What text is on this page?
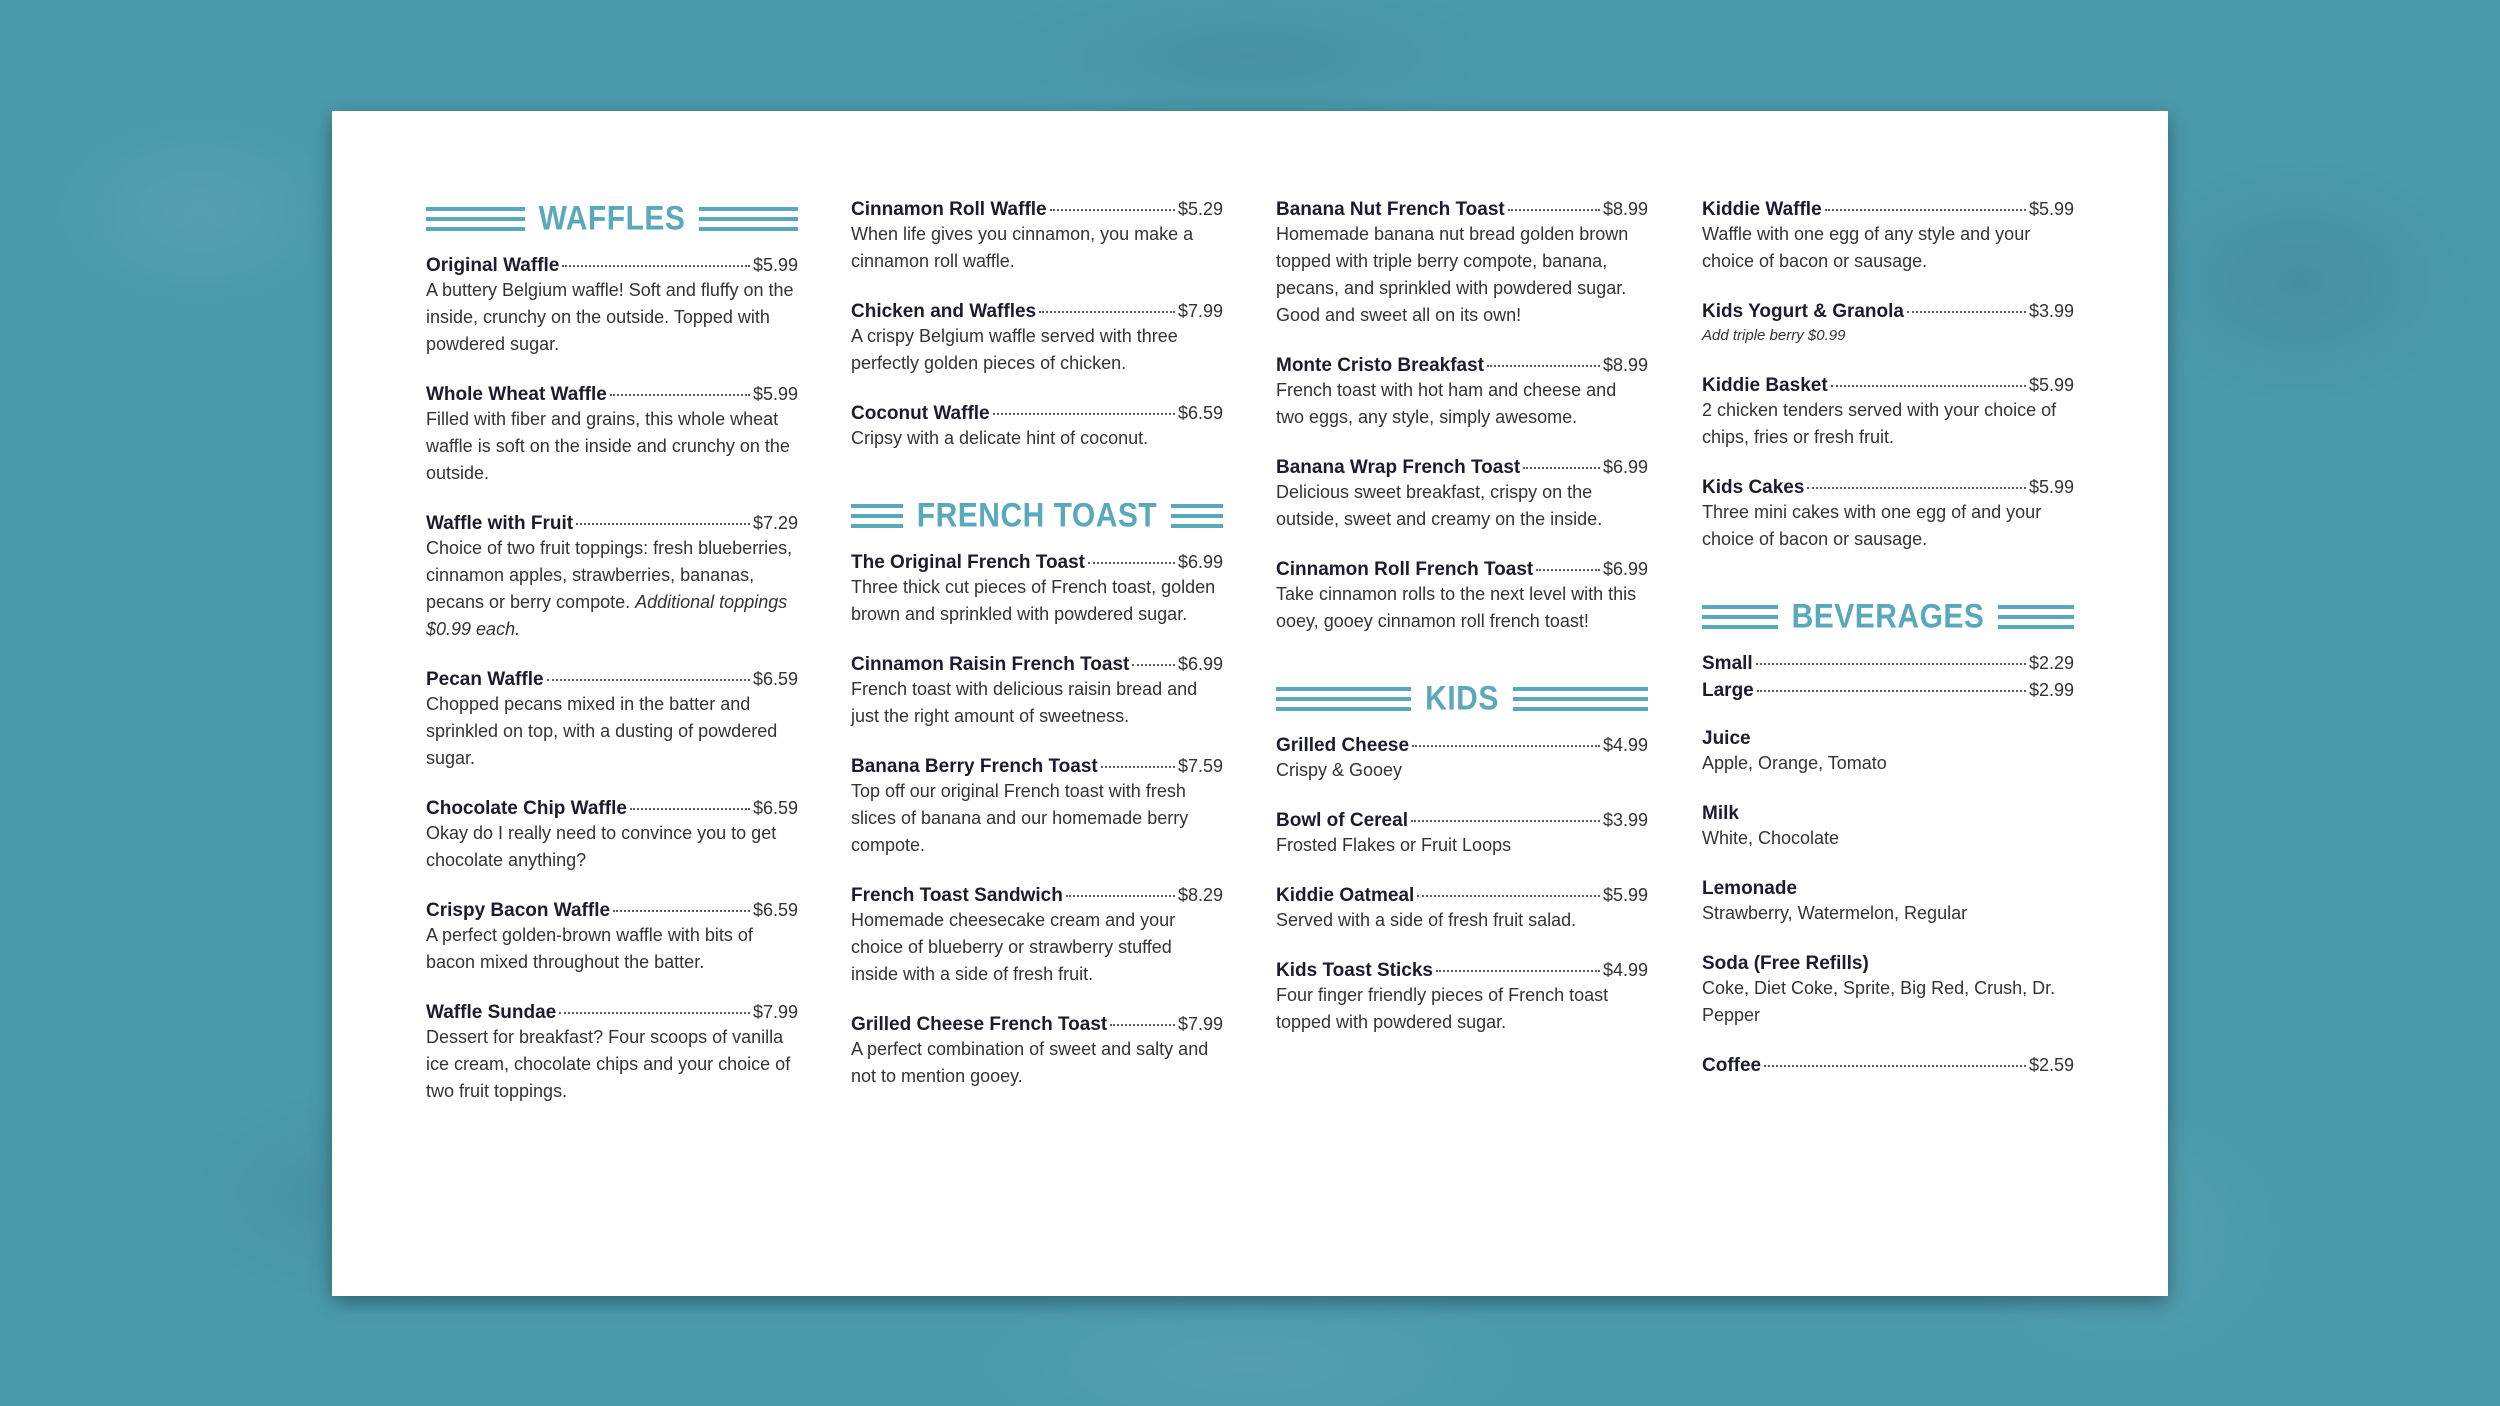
WAFFLES
Original Waffle	$5.99
A buttery Belgium waffle! Soft and fluffy on the inside, crunchy on the outside. Topped with powdered sugar.
Whole Wheat Waffle	$5.99
Filled with fiber and grains, this whole wheat waffle is soft on the inside and crunchy on the outside.
Waffle with Fruit	$7.29
Choice of two fruit toppings: fresh blueberries, cinnamon apples, strawberries, bananas, pecans or berry compote. Additional toppings $0.99 each.
Pecan Waffle	$6.59
Chopped pecans mixed in the batter and sprinkled on top, with a dusting of powdered sugar.
Chocolate Chip Waffle	$6.59
Okay do I really need to convince you to get chocolate anything?
Crispy Bacon Waffle	$6.59
A perfect golden-brown waffle with bits of bacon mixed throughout the batter.
Waffle Sundae	$7.99
Dessert for breakfast? Four scoops of vanilla ice cream, chocolate chips and your choice of two fruit toppings.
Cinnamon Roll Waffle	$5.29
When life gives you cinnamon, you make a cinnamon roll waffle.
Chicken and Waffles	$7.99
A crispy Belgium waffle served with three perfectly golden pieces of chicken.
Coconut Waffle	$6.59
Cripsy with a delicate hint of coconut.
FRENCH TOAST
The Original French Toast	$6.99
Three thick cut pieces of French toast, golden brown and sprinkled with powdered sugar.
Cinnamon Raisin French Toast	$6.99
French toast with delicious raisin bread and just the right amount of sweetness.
Banana Berry French Toast	$7.59
Top off our original French toast with fresh slices of banana and our homemade berry compote.
French Toast Sandwich	$8.29
Homemade cheesecake cream and your choice of blueberry or strawberry stuffed inside with a side of fresh fruit.
Grilled Cheese French Toast	$7.99
A perfect combination of sweet and salty and not to mention gooey.
Banana Nut French Toast	$8.99
Homemade banana nut bread golden brown topped with triple berry compote, banana, pecans, and sprinkled with powdered sugar. Good and sweet all on its own!
Monte Cristo Breakfast	$8.99
French toast with hot ham and cheese and two eggs, any style, simply awesome.
Banana Wrap French Toast	$6.99
Delicious sweet breakfast, crispy on the outside, sweet and creamy on the inside.
Cinnamon Roll French Toast	$6.99
Take cinnamon rolls to the next level with this ooey, gooey cinnamon roll french toast!
KIDS
Grilled Cheese	$4.99
Crispy & Gooey
Bowl of Cereal	$3.99
Frosted Flakes or Fruit Loops
Kiddie Oatmeal	$5.99
Served with a side of fresh fruit salad.
Kids Toast Sticks	$4.99
Four finger friendly pieces of French toast topped with powdered sugar.
Kiddie Waffle	$5.99
Waffle with one egg of any style and your choice of bacon or sausage.
Kids Yogurt & Granola	$3.99
Add triple berry $0.99
Kiddie Basket	$5.99
2 chicken tenders served with your choice of chips, fries or fresh fruit.
Kids Cakes	$5.99
Three mini cakes with one egg of and your choice of bacon or sausage.
BEVERAGES
Small	$2.29
Large	$2.99
Juice
Apple, Orange, Tomato
Milk
White, Chocolate
Lemonade
Strawberry, Watermelon, Regular
Soda (Free Refills)
Coke, Diet Coke, Sprite, Big Red, Crush, Dr. Pepper
Coffee	$2.59
